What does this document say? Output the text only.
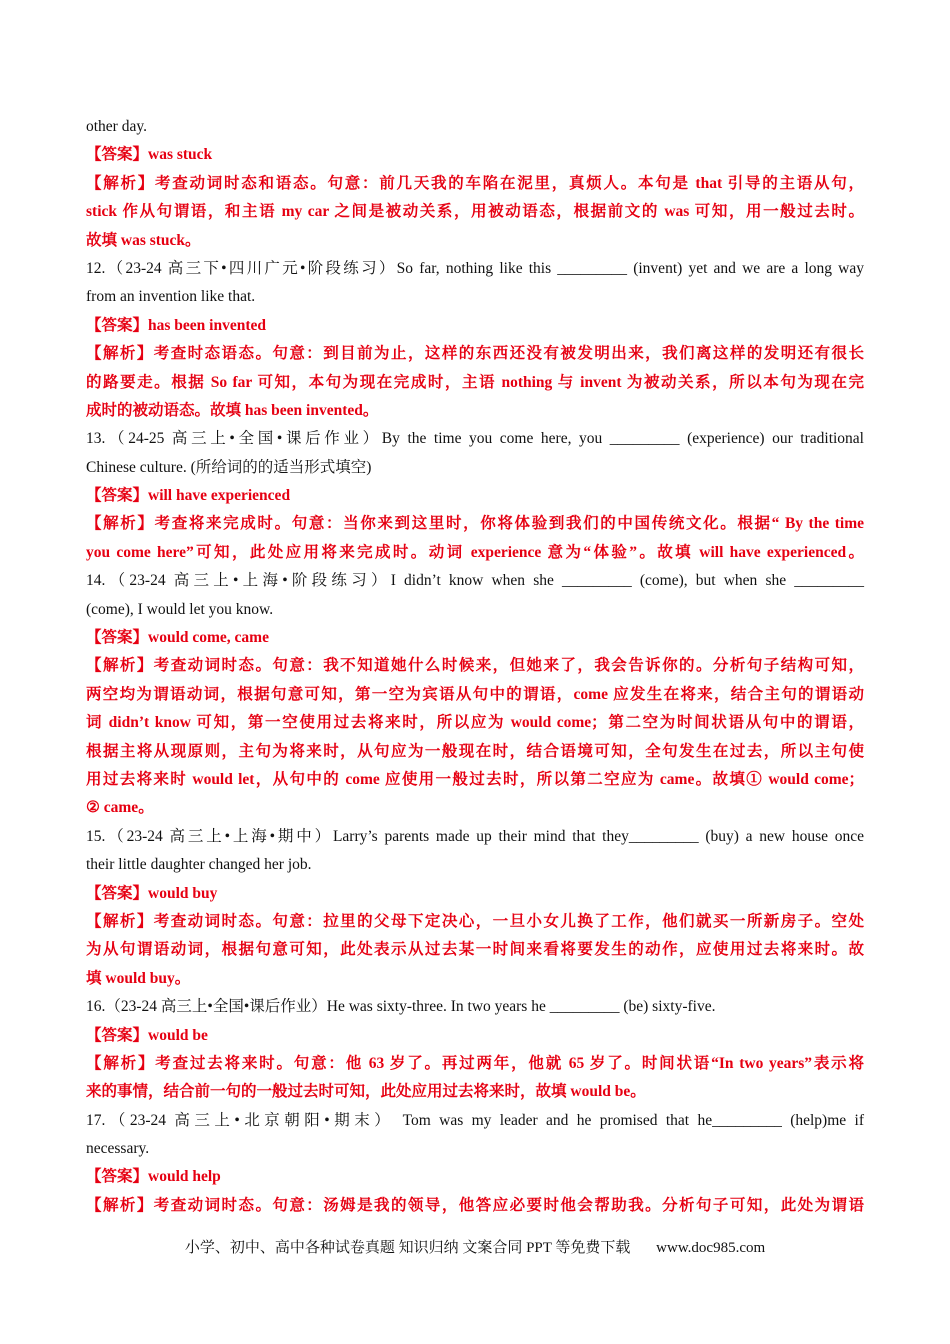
other day.
【答案】was stuck
【解析】考查动词时态和语态。句意：前几天我的车陷在泥里，真烦人。本句是 that 引导的主语从句，
stick 作从句谓语，和主语 my car 之间是被动关系，用被动语态，根据前文的 was 可知，用一般过去时。
故填 was stuck。
12.（23-24 高三下•四川广元•阶段练习）So far, nothing like this _________ (invent) yet and we are a long way
from an invention like that.
【答案】has been invented
【解析】考查时态语态。句意：到目前为止，这样的东西还没有被发明出来，我们离这样的发明还有很长
的路要走。根据 So far 可知，本句为现在完成时，主语 nothing 与 invent 为被动关系，所以本句为现在完
成时的被动语态。故填 has been invented。
13.（24-25 高三上•全国•课后作业）By the time you come here, you _________ (experience) our traditional
Chinese culture. (所给词的的适当形式填空)
【答案】will have experienced
【解析】考查将来完成时。句意：当你来到这里时，你将体验到我们的中国传统文化。根据“ By the time
you come here”可知，此处应用将来完成时。动词 experience 意为“体验”。故填 will have experienced。
14.（23-24 高三上•上海•阶段练习）I didn’t know when she _________ (come), but when she _________
(come), I would let you know.
【答案】would come, came
【解析】考查动词时态。句意：我不知道她什么时候来，但她来了，我会告诉你的。分析句子结构可知，
两空均为谓语动词，根据句意可知，第一空为宾语从句中的谓语，come 应发生在将来，结合主句的谓语动
词 didn’t know 可知，第一空使用过去将来时，所以应为 would come；第二空为时间状语从句中的谓语，
根据主将从现原则，主句为将来时，从句应为一般现在时，结合语境可知，全句发生在过去，所以主句使
用过去将来时 would let，从句中的 come 应使用一般过去时，所以第二空应为 came。故填① would come；
② came。
15.（23-24 高三上•上海•期中）Larry’s parents made up their mind that they_________ (buy) a new house once
their little daughter changed her job.
【答案】would buy
【解析】考查动词时态。句意：拉里的父母下定决心，一旦小女儿换了工作，他们就买一所新房子。空处
为从句谓语动词，根据句意可知，此处表示从过去某一时间来看将要发生的动作，应使用过去将来时。故
填 would buy。
16.（23-24 高三上•全国•课后作业）He was sixty-three. In two years he _________ (be) sixty-five.
【答案】would be
【解析】考查过去将来时。句意：他 63 岁了。再过两年，他就 65 岁了。时间状语“In two years”表示将
来的事情，结合前一句的一般过去时可知，此处应用过去将来时，故填 would be。
17.（23-24 高三上•北京朝阳•期末） Tom was my leader and he promised that he_________ (help)me if
necessary.
【答案】would help
【解析】考查动词时态。句意：汤姆是我的领导，他答应必要时他会帮助我。分析句子可知，此处为谓语
小学、初中、高中各种试卷真题 知识归纳 文案合同 PPT 等免费下载 www.doc985.com
